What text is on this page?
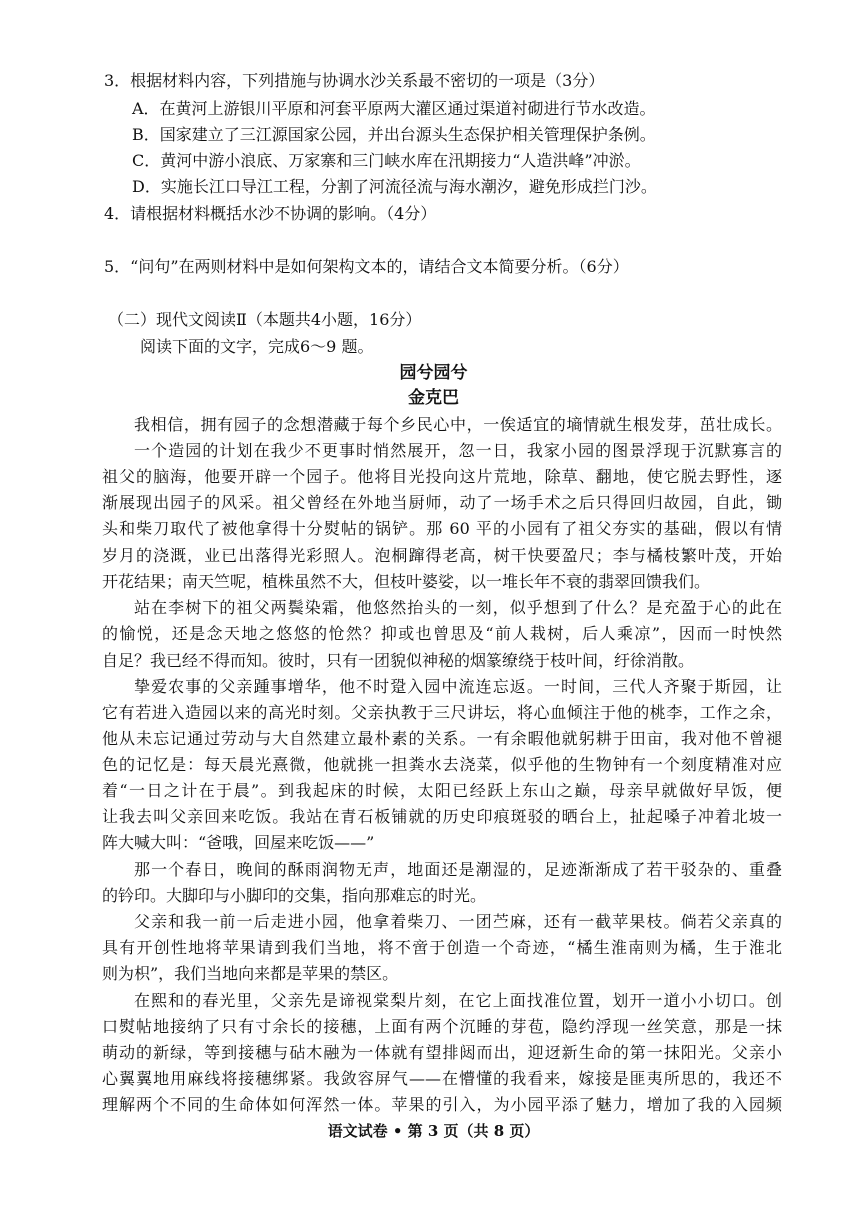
3．根据材料内容，下列措施与协调水沙关系最不密切的一项是（3分）
A．在黄河上游银川平原和河套平原两大灌区通过渠道衬砌进行节水改造。
B．国家建立了三江源国家公园，并出台源头生态保护相关管理保护条例。
C．黄河中游小浪底、万家寨和三门峡水库在汛期接力“人造洪峰”冲淤。
D．实施长江口导江工程，分割了河流径流与海水潮汐，避免形成拦门沙。
4．请根据材料概括水沙不协调的影响。（4分）
5．“问句”在两则材料中是如何架构文本的，请结合文本简要分析。（6分）
（二）现代文阅读Ⅱ（本题共4小题，16分）
阅读下面的文字，完成6～9 题。
园兮园兮
金克巴
我相信，拥有园子的念想潜藏于每个乡民心中，一俟适宜的墒情就生根发芽，茁壮成长。
一个造园的计划在我少不更事时悄然展开，忽一日，我家小园的图景浮现于沉默寡言的
祖父的脑海，他要开辟一个园子。他将目光投向这片荒地，除草、翻地，使它脱去野性，逐
渐展现出园子的风采。祖父曾经在外地当厨师，动了一场手术之后只得回归故园，自此，锄
头和柴刀取代了被他拿得十分熨帖的锅铲。那 60 平的小园有了祖父夯实的基础，假以有情
岁月的浇溉，业已出落得光彩照人。泡桐蹿得老高，树干快要盈尺；李与橘枝繁叶茂，开始
开花结果；南天竺呢，植株虽然不大，但枝叶婆娑，以一堆长年不衰的翡翠回馈我们。
站在李树下的祖父两鬓染霜，他悠然抬头的一刻，似乎想到了什么？是充盈于心的此在
的愉悦，还是念天地之悠悠的怆然？抑或也曾思及“前人栽树，后人乘凉”，因而一时怏然
自足？我已经不得而知。彼时，只有一团貌似神秘的烟篆缭绕于枝叶间，纡徐消散。
挚爱农事的父亲踵事增华，他不时跫入园中流连忘返。一时间，三代人齐聚于斯园，让
它有若进入造园以来的高光时刻。父亲执教于三尺讲坛，将心血倾注于他的桃李，工作之余，
他从未忘记通过劳动与大自然建立最朴素的关系。一有余暇他就躬耕于田亩，我对他不曾褪
色的记忆是：每天晨光熹微，他就挑一担粪水去浇菜，似乎他的生物钟有一个刻度精准对应
着“一日之计在于晨”。到我起床的时候，太阳已经跃上东山之巅，母亲早就做好早饭，便
让我去叫父亲回来吃饭。我站在青石板铺就的历史印痕斑驳的晒台上，扯起嗓子冲着北坡一
阵大喊大叫：“爸哦，回屋来吃饭——”
那一个春日，晚间的酥雨润物无声，地面还是潮湿的，足迹渐渐成了若干驳杂的、重叠
的钤印。大脚印与小脚印的交集，指向那难忘的时光。
父亲和我一前一后走进小园，他拿着柴刀、一团苎麻，还有一截苹果枝。倘若父亲真的
具有开创性地将苹果请到我们当地，将不啻于创造一个奇迹，“橘生淮南则为橘，生于淮北
则为枳”，我们当地向来都是苹果的禁区。
在熙和的春光里，父亲先是谛视棠梨片刻，在它上面找准位置，划开一道小小切口。创
口熨帖地接纳了只有寸余长的接穗，上面有两个沉睡的芽苞，隐约浮现一丝笑意，那是一抹
萌动的新绿，等到接穗与砧木融为一体就有望排闼而出，迎迓新生命的第一抹阳光。父亲小
心翼翼地用麻线将接穗绑紧。我敛容屏气——在懵懂的我看来，嫁接是匪夷所思的，我还不
理解两个不同的生命体如何浑然一体。苹果的引入，为小园平添了魅力，增加了我的入园频
语文试卷 • 第 3 页（共 8 页）
